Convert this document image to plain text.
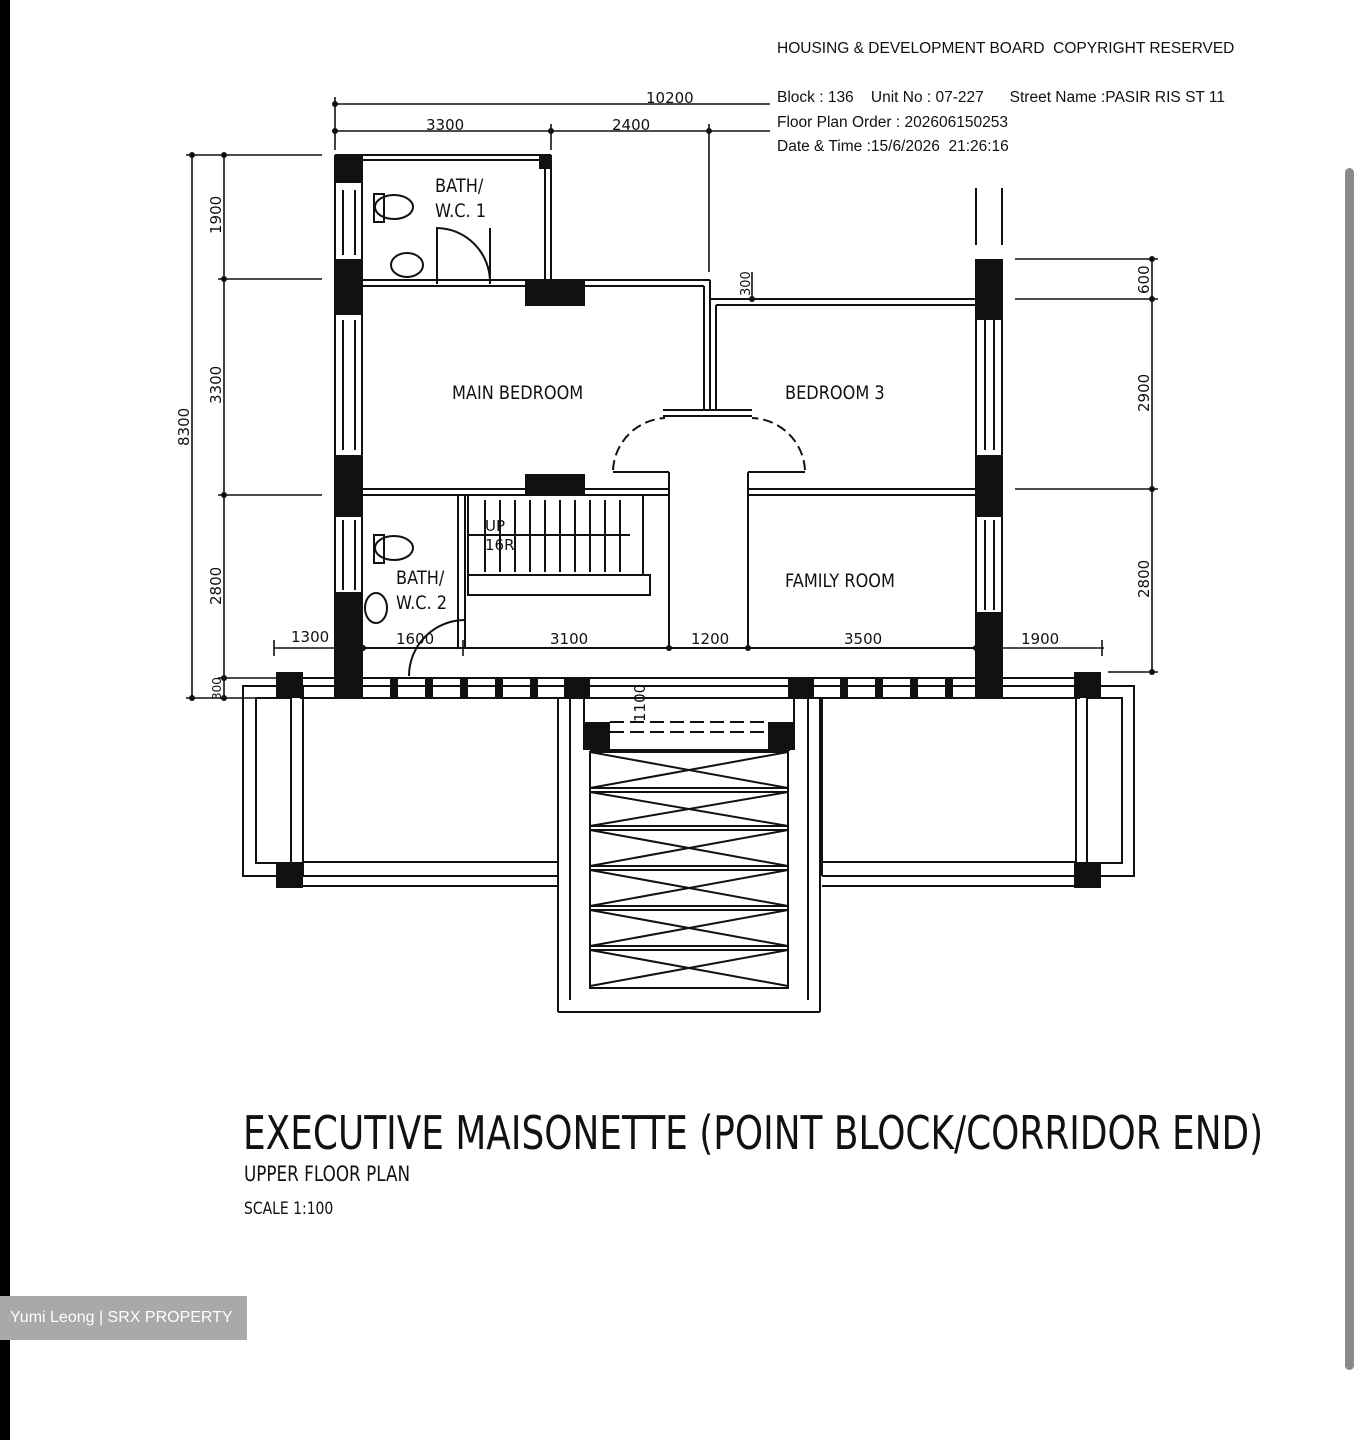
HOUSING & DEVELOPMENT BOARD  COPYRIGHT RESERVED
Block : 136 Unit No : 07-227 Street Name :PASIR RIS ST 11
Floor Plan Order : 202606150253
Date & Time :15/6/2026  21:26:16
10200
3300	2400
8300
1900
3300
2800
300
600
2900
2800
300
1300	1600	3100	1200	3500	1900
1100
BATH/
W.C. 1
MAIN BEDROOM	BEDROOM 3
BATH/
W.C. 2
FAMILY ROOM
UP
16R
EXECUTIVE MAISONETTE (POINT BLOCK/CORRIDOR END)
UPPER FLOOR PLAN
SCALE 1:100
Yumi Leong | SRX PROPERTY
